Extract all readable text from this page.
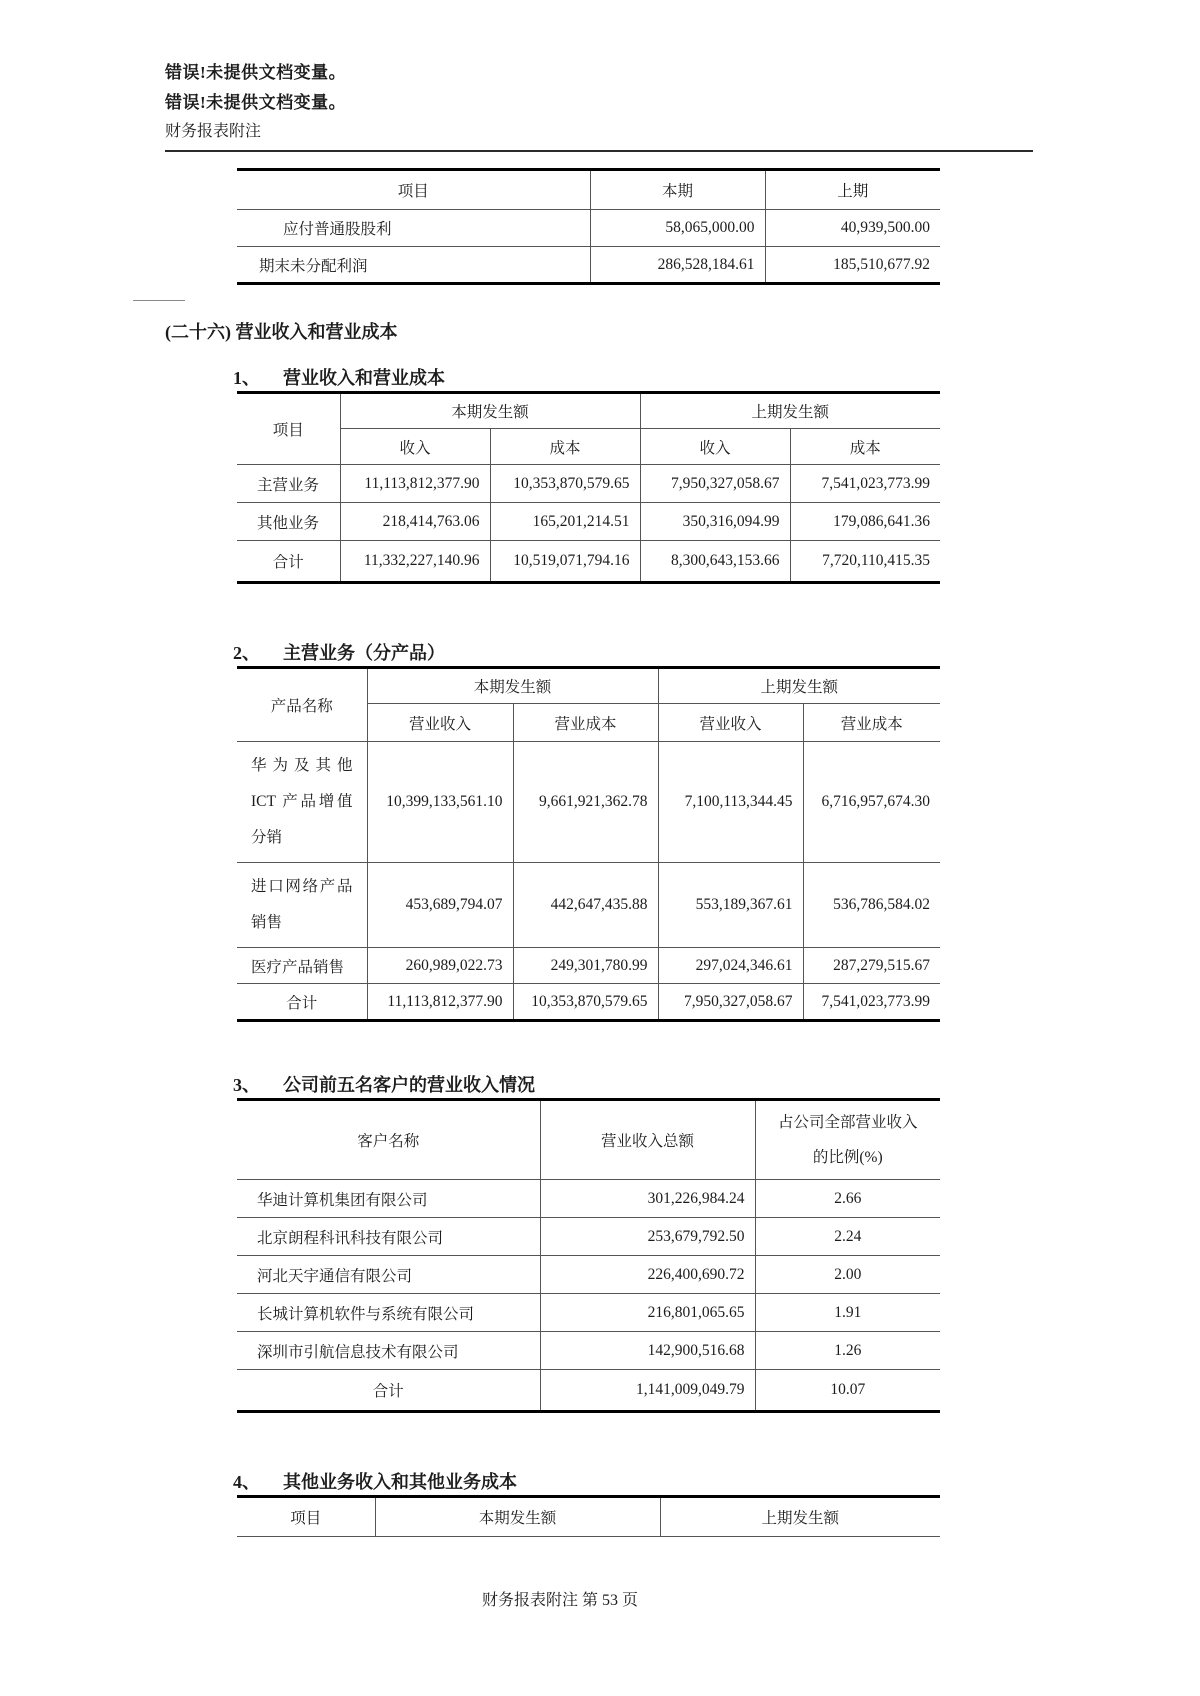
错误!未提供文档变量。
错误!未提供文档变量。
财务报表附注
项目	本期	上期
应付普通股股利	58,065,000.00	40,939,500.00
期末未分配利润	286,528,184.61	185,510,677.92
(二十六) 营业收入和营业成本
1、 营业收入和营业成本
项目	本期发生额		上期发生额	
	收入	成本	收入	成本
主营业务	11,113,812,377.90	10,353,870,579.65	7,950,327,058.67	7,541,023,773.99
其他业务	218,414,763.06	165,201,214.51	350,316,094.99	179,086,641.36
合计	11,332,227,140.96	10,519,071,794.16	8,300,643,153.66	7,720,110,415.35
2、 主营业务（分产品）
产品名称	本期发生额		上期发生额	
	营业收入	营业成本	营业收入	营业成本
华为及其他 ICT 产品增值分销	10,399,133,561.10	9,661,921,362.78	7,100,113,344.45	6,716,957,674.30
进口网络产品销售	453,689,794.07	442,647,435.88	553,189,367.61	536,786,584.02
医疗产品销售	260,989,022.73	249,301,780.99	297,024,346.61	287,279,515.67
合计	11,113,812,377.90	10,353,870,579.65	7,950,327,058.67	7,541,023,773.99
3、 公司前五名客户的营业收入情况
客户名称	营业收入总额	占公司全部营业收入的比例(%)
华迪计算机集团有限公司	301,226,984.24	2.66
北京朗程科讯科技有限公司	253,679,792.50	2.24
河北天宇通信有限公司	226,400,690.72	2.00
长城计算机软件与系统有限公司	216,801,065.65	1.91
深圳市引航信息技术有限公司	142,900,516.68	1.26
合计	1,141,009,049.79	10.07
4、 其他业务收入和其他业务成本
项目	本期发生额	上期发生额
财务报表附注 第 53 页
